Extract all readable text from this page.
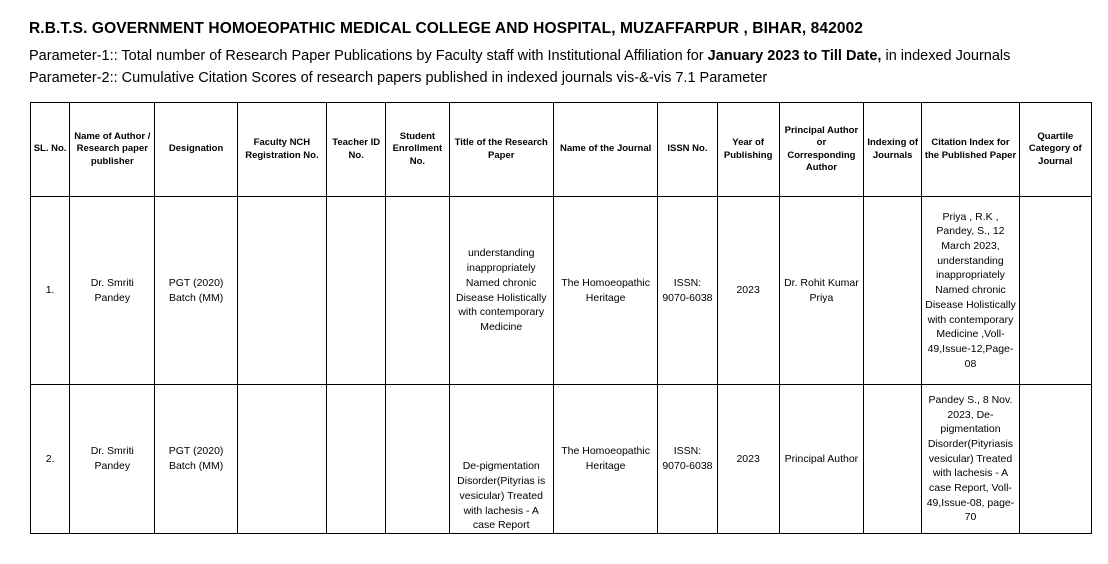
R.B.T.S. GOVERNMENT HOMOEOPATHIC MEDICAL COLLEGE AND HOSPITAL, MUZAFFARPUR , BIHAR, 842002
Parameter-1:: Total number of Research Paper Publications by Faculty staff with Institutional Affiliation for January 2023 to Till Date, in indexed Journals
Parameter-2:: Cumulative Citation Scores of research papers published in indexed journals vis-&-vis 7.1 Parameter
SL. No.	Name of Author / Research paper publisher	Designation	Faculty NCH Registration No.	Teacher ID No.	Student Enrollment No.	Title of the Research Paper	Name of the Journal	ISSN No.	Year of Publishing	Principal Author or Corresponding Author	Indexing of Journals	Citation Index for the Published Paper	Quartile Category of Journal
1.	Dr. Smriti Pandey	PGT (2020) Batch (MM)				understanding inappropriately Named chronic Disease Holistically with contemporary Medicine	The Homoeopathic Heritage	ISSN: 9070-6038	2023	Dr. Rohit Kumar Priya		Priya , R.K , Pandey, S., 12 March 2023, understanding inappropriately Named chronic Disease Holistically with contemporary Medicine ,Voll-49,Issue-12,Page-08	
2.	Dr. Smriti Pandey	PGT (2020) Batch (MM)				De-pigmentation Disorder(Pityrias is vesicular) Treated with lachesis - A case Report	The Homoeopathic Heritage	ISSN: 9070-6038	2023	Principal Author		Pandey S., 8 Nov. 2023, De-pigmentation Disorder(Pityriasis vesicular) Treated with lachesis - A case Report, Voll-49,Issue-08, page-70	
